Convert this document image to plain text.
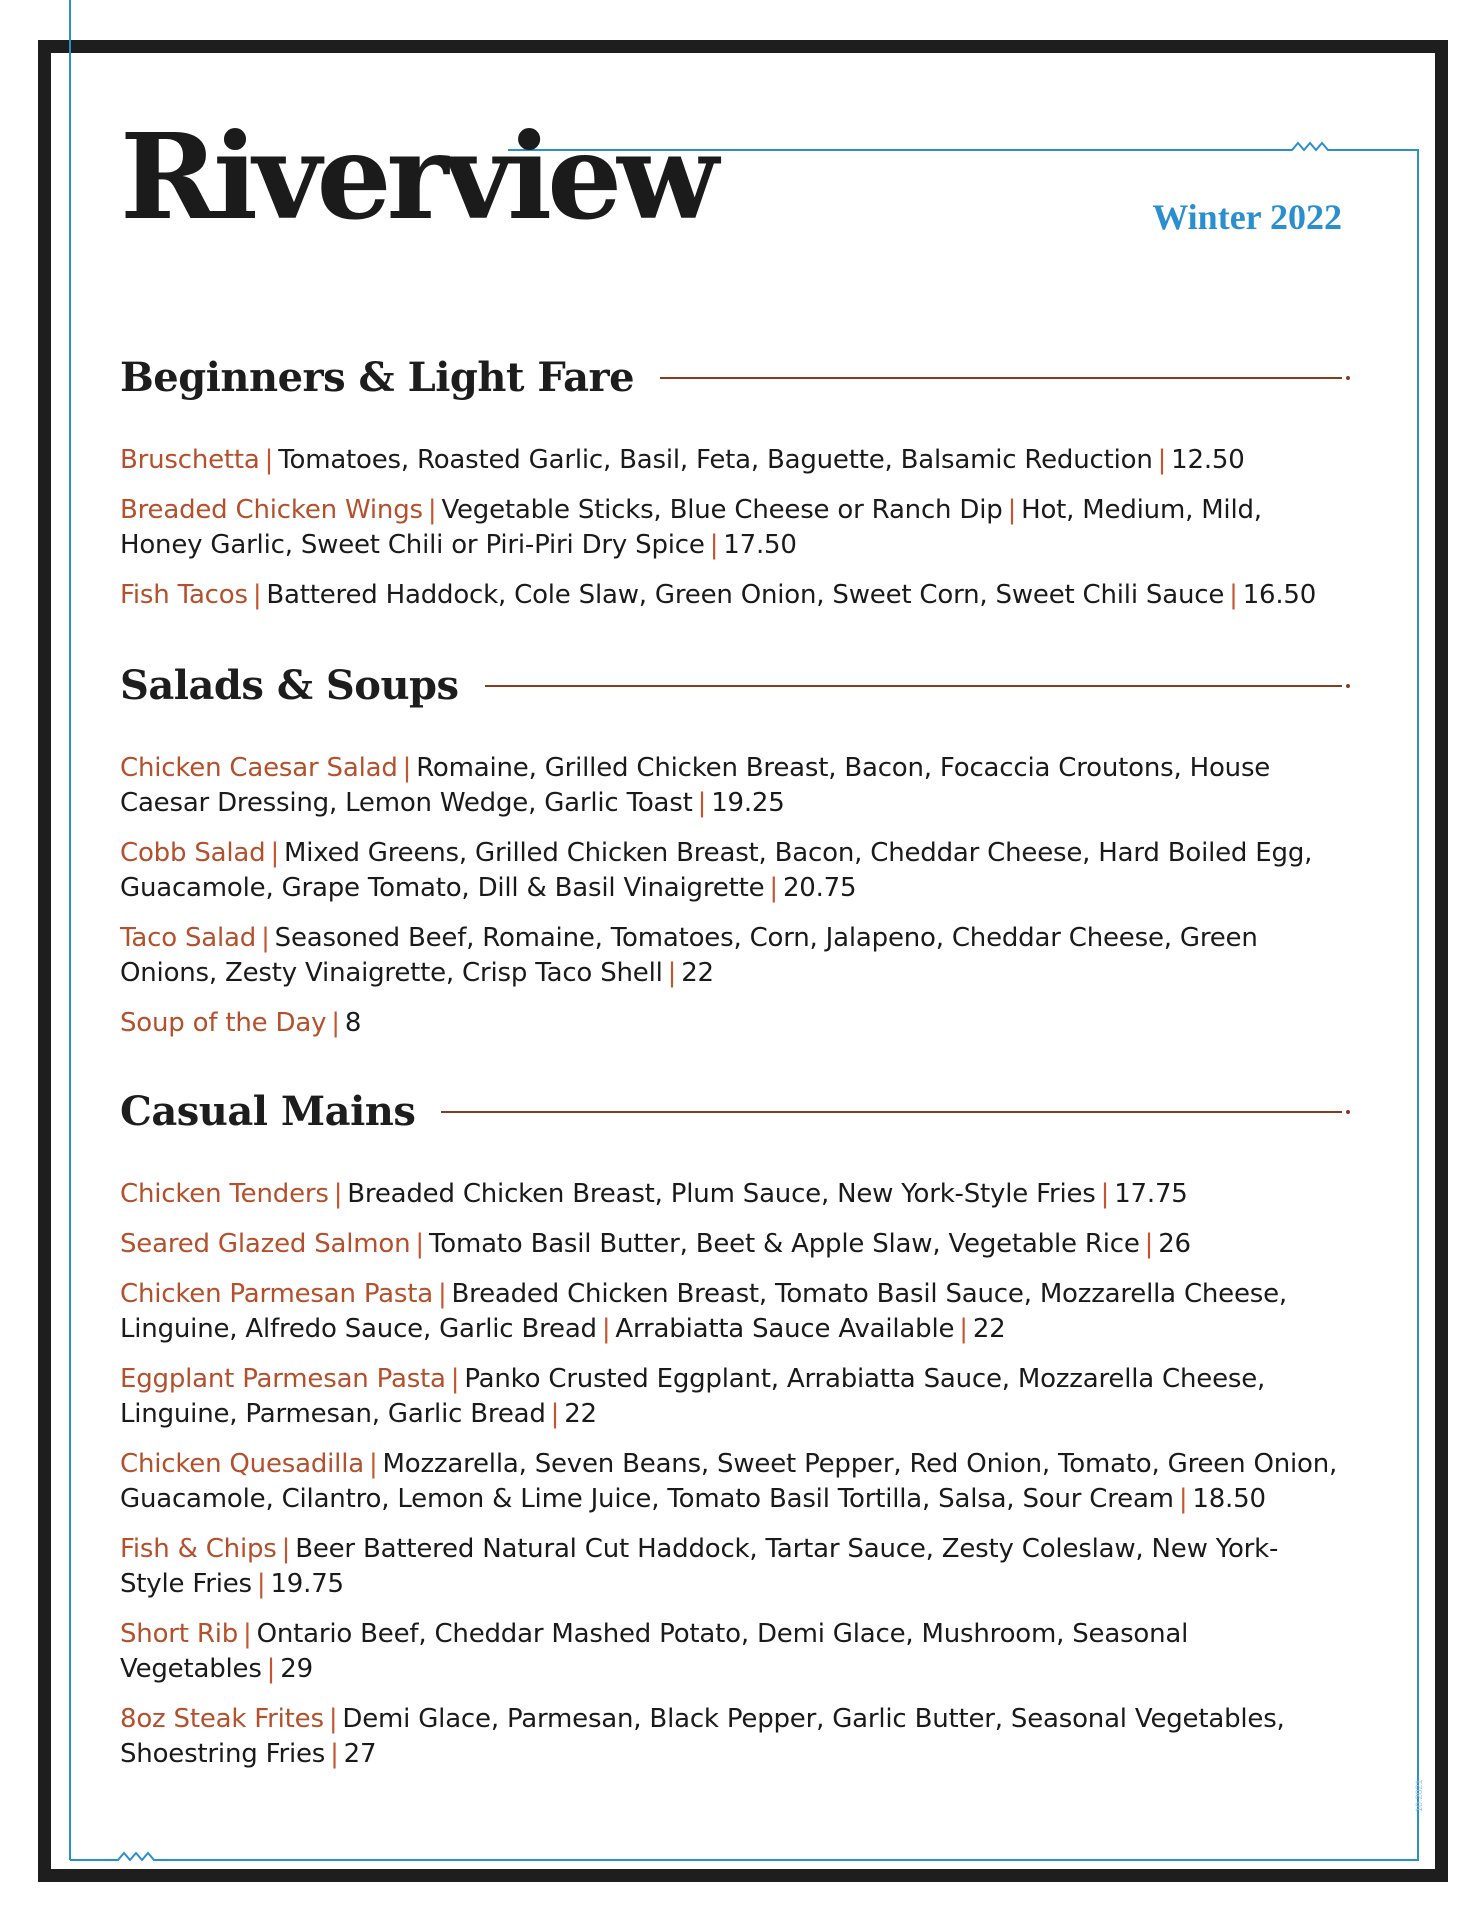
Riverview	Winter 2022
Beginners & Light Fare
Bruschetta | Tomatoes, Roasted Garlic, Basil, Feta, Baguette, Balsamic Reduction | 12.50
Breaded Chicken Wings | Vegetable Sticks, Blue Cheese or Ranch Dip | Hot, Medium, Mild, Honey Garlic, Sweet Chili or Piri-Piri Dry Spice | 17.50
Fish Tacos | Battered Haddock, Cole Slaw, Green Onion, Sweet Corn, Sweet Chili Sauce | 16.50
Salads & Soups
Chicken Caesar Salad | Romaine, Grilled Chicken Breast, Bacon, Focaccia Croutons, House Caesar Dressing, Lemon Wedge, Garlic Toast | 19.25
Cobb Salad | Mixed Greens, Grilled Chicken Breast, Bacon, Cheddar Cheese, Hard Boiled Egg, Guacamole, Grape Tomato, Dill & Basil Vinaigrette | 20.75
Taco Salad | Seasoned Beef, Romaine, Tomatoes, Corn, Jalapeno, Cheddar Cheese, Green Onions, Zesty Vinaigrette, Crisp Taco Shell | 22
Soup of the Day | 8
Casual Mains
Chicken Tenders | Breaded Chicken Breast, Plum Sauce, New York-Style Fries | 17.75
Seared Glazed Salmon | Tomato Basil Butter, Beet & Apple Slaw, Vegetable Rice | 26
Chicken Parmesan Pasta | Breaded Chicken Breast, Tomato Basil Sauce, Mozzarella Cheese, Linguine, Alfredo Sauce, Garlic Bread | Arrabiatta Sauce Available | 22
Eggplant Parmesan Pasta | Panko Crusted Eggplant, Arrabiatta Sauce, Mozzarella Cheese, Linguine, Parmesan, Garlic Bread | 22
Chicken Quesadilla | Mozzarella, Seven Beans, Sweet Pepper, Red Onion, Tomato, Green Onion, Guacamole, Cilantro, Lemon & Lime Juice, Tomato Basil Tortilla, Salsa, Sour Cream | 18.50
Fish & Chips | Beer Battered Natural Cut Haddock, Tartar Sauce, Zesty Coleslaw, New York-Style Fries | 19.75
Short Rib | Ontario Beef, Cheddar Mashed Potato, Demi Glace, Mushroom, Seasonal Vegetables | 29
8oz Steak Frites | Demi Glace, Parmesan, Black Pepper, Garlic Butter, Seasonal Vegetables, Shoestring Fries | 27
10.2021
